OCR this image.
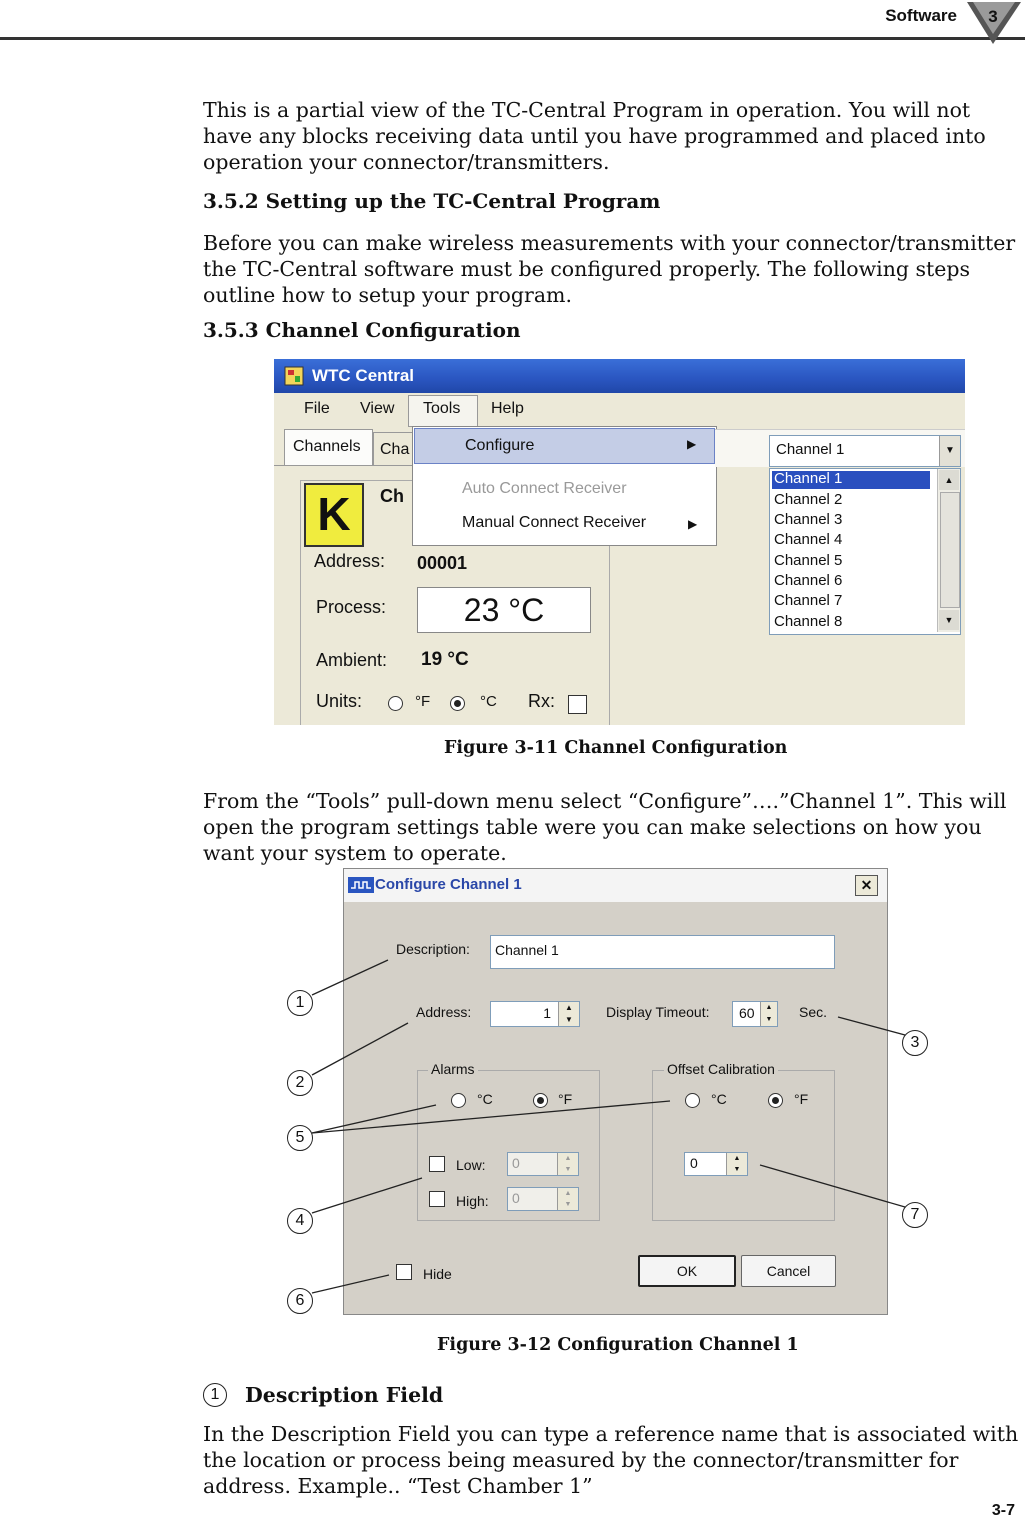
Software 3
This is a partial view of the TC-Central Program in operation. You will not have any blocks receiving data until you have programmed and placed into operation your connector/transmitters.
3.5.2 Setting up the TC-Central Program
Before you can make wireless measurements with your connector/transmitter the TC-Central software must be configured properly. The following steps outline how to setup your program.
3.5.3 Channel Configuration
WTC Central
File View Tools Help
Channels Cha
K	Ch
Address: 00001
Process:	23 °C
Ambient: 19 °C
Units:	°F	°C Rx:
Configure	▶
Auto Connect Receiver
Manual Connect Receiver	▶
Channel 1	▼
Channel 1
Channel 2
Channel 3
Channel 4
Channel 5
Channel 6
Channel 7
Channel 8
▲
▼
Figure 3-11 Channel Configuration
From the “Tools” pull-down menu select “Configure”….”Channel 1”. This will open the program settings table were you can make selections on how you want your system to operate.
Configure Channel 1	✕
Description: Channel 1
Address:	1	▲
▼	Display Timeout: 60	▲
▼	Sec.
Alarms
°C	°F
Low: 0	▲
▼
High: 0	▲
▼
Offset Calibration
°C	°F
0	▲
▼
Hide	OK	Cancel
1
2
3
4
5
6
7
Figure 3-12 Configuration Channel 1
1	Description Field
In the Description Field you can type a reference name that is associated with the location or process being measured by the connector/transmitter for address. Example.. “Test Chamber 1”
3-7
